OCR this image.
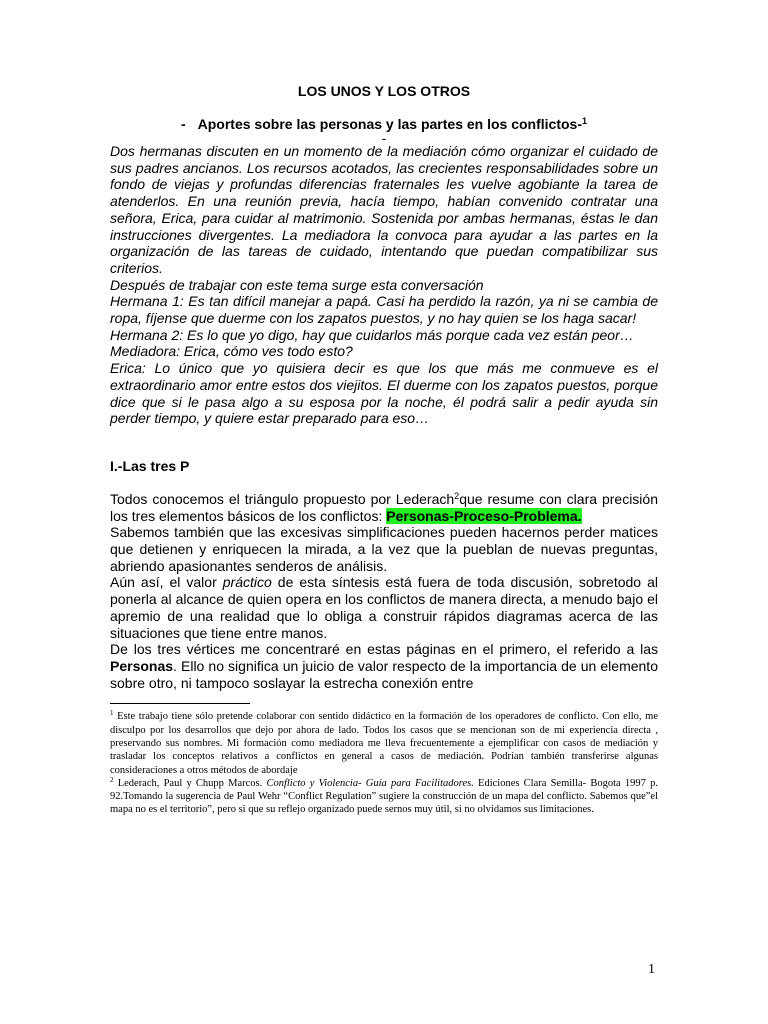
LOS UNOS Y LOS OTROS
- Aportes sobre las personas y las partes en los conflictos-$^1$
-

Dos hermanas discuten en un momento de la mediación cómo organizar el cuidado de sus padres ancianos. Los recursos acotados, las crecientes responsabilidades sobre un fondo de viejas y profundas diferencias fraternales les vuelve agobiante la tarea de atenderlos. En una reunión previa, hacía tiempo, habían convenido contratar una señora, Erica, para cuidar al matrimonio. Sostenida por ambas hermanas, éstas le dan instrucciones divergentes. La mediadora la convoca para ayudar a las partes en la organización de las tareas de cuidado, intentando que puedan compatibilizar sus criterios.

Después de trabajar con este tema surge esta conversación

Hermana 1: Es tan difícil manejar a papá. Casi ha perdido la razón, ya ni se cambia de ropa, fíjense que duerme con los zapatos puestos, y no hay quien se los haga sacar!

Hermana 2: Es lo que yo digo, hay que cuidarlos más porque cada vez están peor…

Mediadora: Erica, cómo ves todo esto?

Erica: Lo único que yo quisiera decir es que los que más me conmueve es el extraordinario amor entre estos dos viejitos. El duerme con los zapatos puestos, porque dice que si le pasa algo a su esposa por la noche, él podrá salir a pedir ayuda sin perder tiempo, y quiere estar preparado para eso…

I.-Las tres P

Todos conocemos el triángulo propuesto por Lederach$^2$que resume con clara precisión los tres elementos básicos de los conflictos: Personas-Proceso-Problema.

Sabemos también que las excesivas simplificaciones pueden hacernos perder matices que detienen y enriquecen la mirada, a la vez que la pueblan de nuevas preguntas, abriendo apasionantes senderos de análisis.

Aún así, el valor práctico de esta síntesis está fuera de toda discusión, sobretodo al ponerla al alcance de quien opera en los conflictos de manera directa, a menudo bajo el apremio de una realidad que lo obliga a construir rápidos diagramas acerca de las situaciones que tiene entre manos.

De los tres vértices me concentraré en estas páginas en el primero, el referido a las Personas. Ello no significa un juicio de valor respecto de la importancia de un elemento sobre otro, ni tampoco soslayar la estrecha conexión entre

$^1$ Este trabajo tiene sólo pretende colaborar con sentido didáctico en la formación de los operadores de conflicto. Con ello, me disculpo por los desarrollos que dejo por ahora de lado. Todos los casos que se mencionan son de mi experiencia directa , preservando sus nombres. Mi formación como mediadora me lleva frecuentemente a ejemplificar con casos de mediación y trasladar los conceptos relativos a conflictos en general a casos de mediación. Podrían también transferirse algunas consideraciones a otros métodos de abordaje

$^2$ Lederach, Paul y Chupp Marcos. Conflicto y Violencia- Guía para Facilitadores. Ediciones Clara Semilla- Bogota 1997 p. 92.Tomando la sugerencia de Paul Wehr “Conflict Regulation” sugiere la construcción de un mapa del conflicto. Sabemos que”el mapa no es el territorio”, pero si que su reflejo organizado puede sernos muy útil, si no olvidamos sus limitaciones.

1
